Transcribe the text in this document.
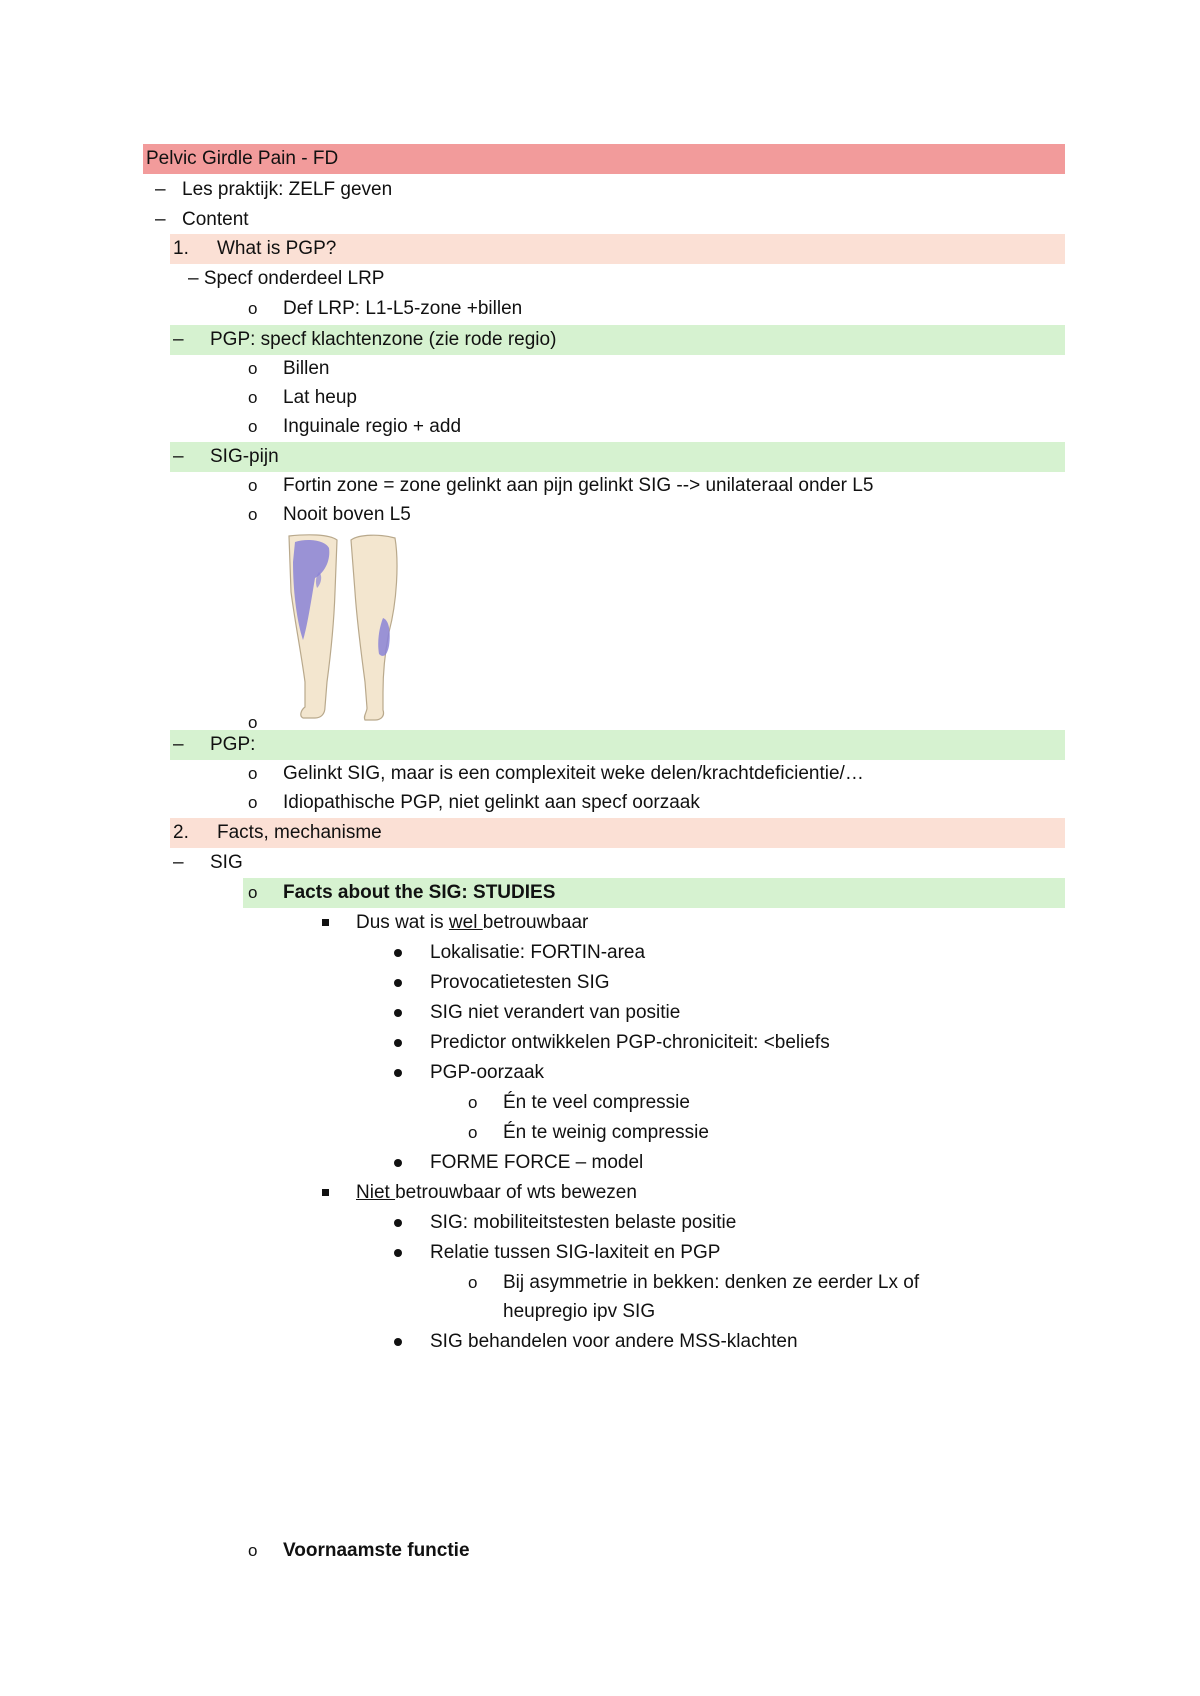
Pelvic Girdle Pain - FD
– Les praktijk: ZELF geven
– Content
1. What is PGP?
– Specf onderdeel LRP
o Def LRP: L1-L5-zone +billen
– PGP: specf klachtenzone (zie rode regio)
o Billen
o Lat heup
o Inguinale regio + add
– SIG-pijn
o Fortin zone = zone gelinkt aan pijn gelinkt SIG --> unilateraal onder L5
o Nooit boven L5
o
– PGP:
o Gelinkt SIG, maar is een complexiteit weke delen/krachtdeficientie/…
o Idiopathische PGP, niet gelinkt aan specf oorzaak
2. Facts, mechanisme
– SIG
o Facts about the SIG: STUDIES
Dus wat is wel betrouwbaar
Lokalisatie: FORTIN-area
Provocatietesten SIG
SIG niet verandert van positie
Predictor ontwikkelen PGP-chroniciteit: <beliefs
PGP-oorzaak
o Én te veel compressie
o Én te weinig compressie
FORME FORCE – model
Niet betrouwbaar of wts bewezen
SIG: mobiliteitstesten belaste positie
Relatie tussen SIG-laxiteit en PGP
o Bij asymmetrie in bekken: denken ze eerder Lx of
heupregio ipv SIG
SIG behandelen voor andere MSS-klachten
o Voornaamste functie
